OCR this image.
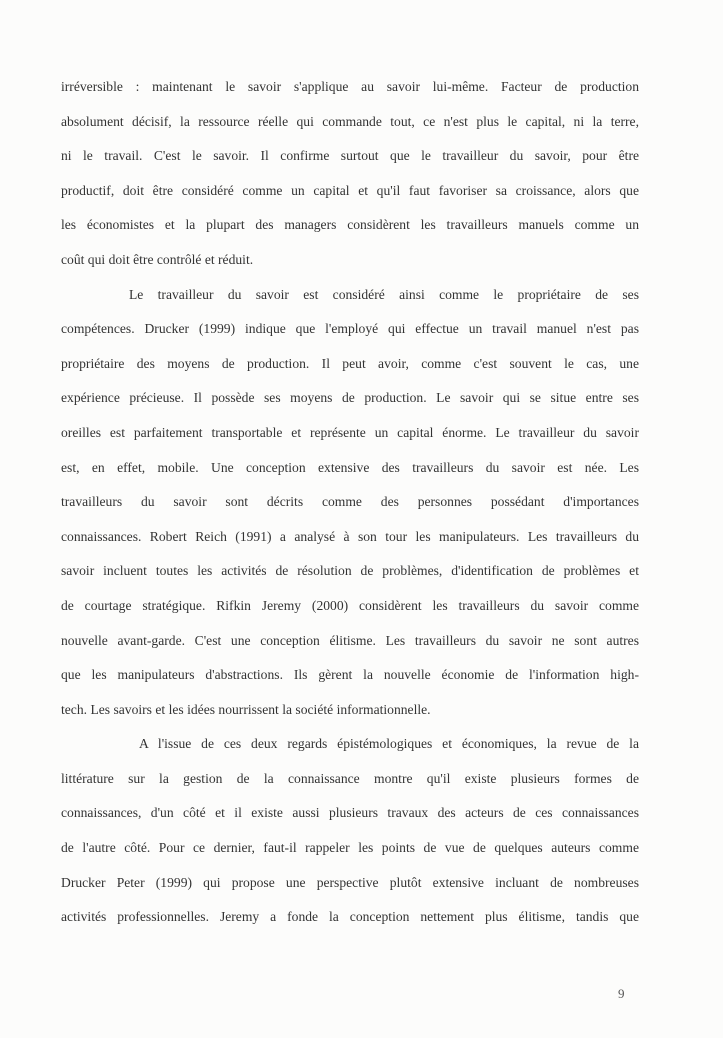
irréversible : maintenant le savoir s'applique au savoir lui-même. Facteur de production
absolument décisif, la ressource réelle qui commande tout, ce n'est plus le capital, ni la terre,
ni le travail. C'est le savoir. Il confirme surtout que le travailleur du savoir, pour être
productif, doit être considéré comme un capital et qu'il faut favoriser sa croissance, alors que
les économistes et la plupart des managers considèrent les travailleurs manuels comme un
coût qui doit être contrôlé et réduit.
Le travailleur du savoir est considéré ainsi comme le propriétaire de ses
compétences. Drucker (1999) indique que l'employé qui effectue un travail manuel n'est pas
propriétaire des moyens de production. Il peut avoir, comme c'est souvent le cas, une
expérience précieuse. Il possède ses moyens de production. Le savoir qui se situe entre ses
oreilles est parfaitement transportable et représente un capital énorme. Le travailleur du savoir
est, en effet, mobile. Une conception extensive des travailleurs du savoir est née. Les
travailleurs du savoir sont décrits comme des personnes possédant d'importances
connaissances. Robert Reich (1991) a analysé à son tour les manipulateurs. Les travailleurs du
savoir incluent toutes les activités de résolution de problèmes, d'identification de problèmes et
de courtage stratégique. Rifkin Jeremy (2000) considèrent les travailleurs du savoir comme
nouvelle avant-garde. C'est une conception élitisme. Les travailleurs du savoir ne sont autres
que les manipulateurs d'abstractions. Ils gèrent la nouvelle économie de l'information high-
tech. Les savoirs et les idées nourrissent la société informationnelle.
A l'issue de ces deux regards épistémologiques et économiques, la revue de la
littérature sur la gestion de la connaissance montre qu'il existe plusieurs formes de
connaissances, d'un côté et il existe aussi plusieurs travaux des acteurs de ces connaissances
de l'autre côté. Pour ce dernier, faut-il rappeler les points de vue de quelques auteurs comme
Drucker Peter (1999) qui propose une perspective plutôt extensive incluant de nombreuses
activités professionnelles. Jeremy a fonde la conception nettement plus élitisme, tandis que
9
